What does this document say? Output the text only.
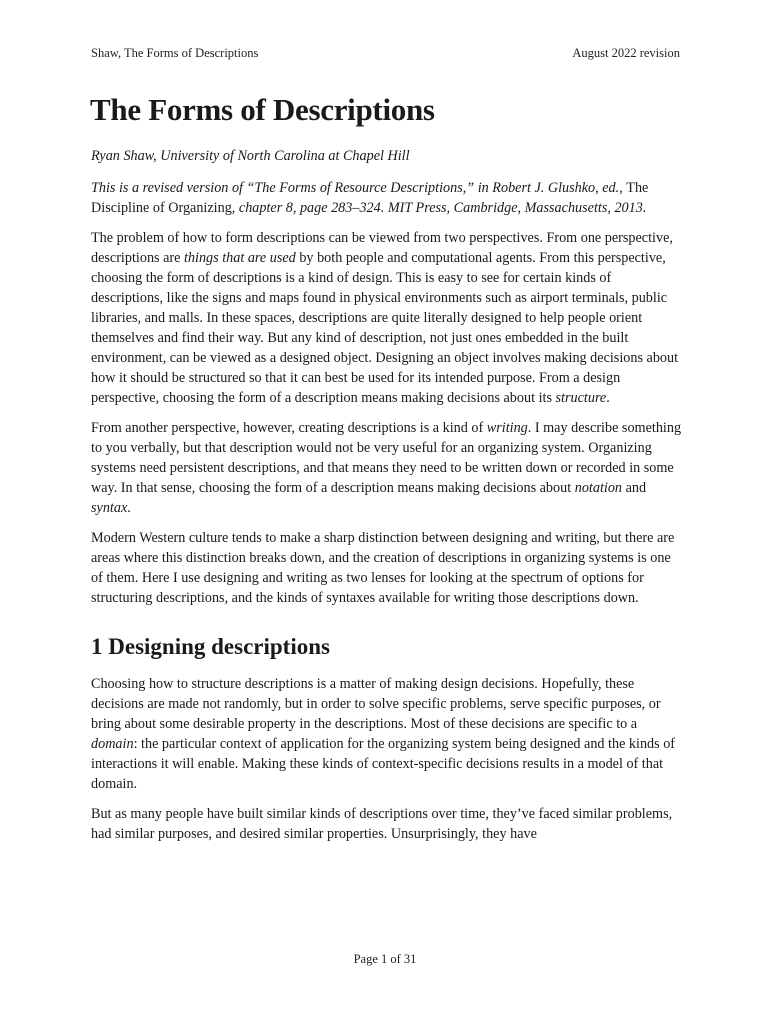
Shaw, The Forms of Descriptions	August 2022 revision
The Forms of Descriptions

Ryan Shaw, University of North Carolina at Chapel Hill

This is a revised version of “The Forms of Resource Descriptions,” in Robert J. Glushko, ed., The Discipline of Organizing, chapter 8, page 283–324. MIT Press, Cambridge, Massachusetts, 2013.

The problem of how to form descriptions can be viewed from two perspectives. From one perspective, descriptions are things that are used by both people and computational agents. From this perspective, choosing the form of descriptions is a kind of design. This is easy to see for certain kinds of descriptions, like the signs and maps found in physical environments such as airport terminals, public libraries, and malls. In these spaces, descriptions are quite literally designed to help people orient themselves and find their way. But any kind of description, not just ones embedded in the built environment, can be viewed as a designed object. Designing an object involves making decisions about how it should be structured so that it can best be used for its intended purpose. From a design perspective, choosing the form of a description means making decisions about its structure.

From another perspective, however, creating descriptions is a kind of writing. I may describe something to you verbally, but that description would not be very useful for an organizing system. Organizing systems need persistent descriptions, and that means they need to be written down or recorded in some way. In that sense, choosing the form of a description means making decisions about notation and syntax.

Modern Western culture tends to make a sharp distinction between designing and writing, but there are areas where this distinction breaks down, and the creation of descriptions in organizing systems is one of them. Here I use designing and writing as two lenses for looking at the spectrum of options for structuring descriptions, and the kinds of syntaxes available for writing those descriptions down.

1 Designing descriptions

Choosing how to structure descriptions is a matter of making design decisions. Hopefully, these decisions are made not randomly, but in order to solve specific problems, serve specific purposes, or bring about some desirable property in the descriptions. Most of these decisions are specific to a domain: the particular context of application for the organizing system being designed and the kinds of interactions it will enable. Making these kinds of context-specific decisions results in a model of that domain.

But as many people have built similar kinds of descriptions over time, they’ve faced similar problems, had similar purposes, and desired similar properties. Unsurprisingly, they have

Page 1 of 31
